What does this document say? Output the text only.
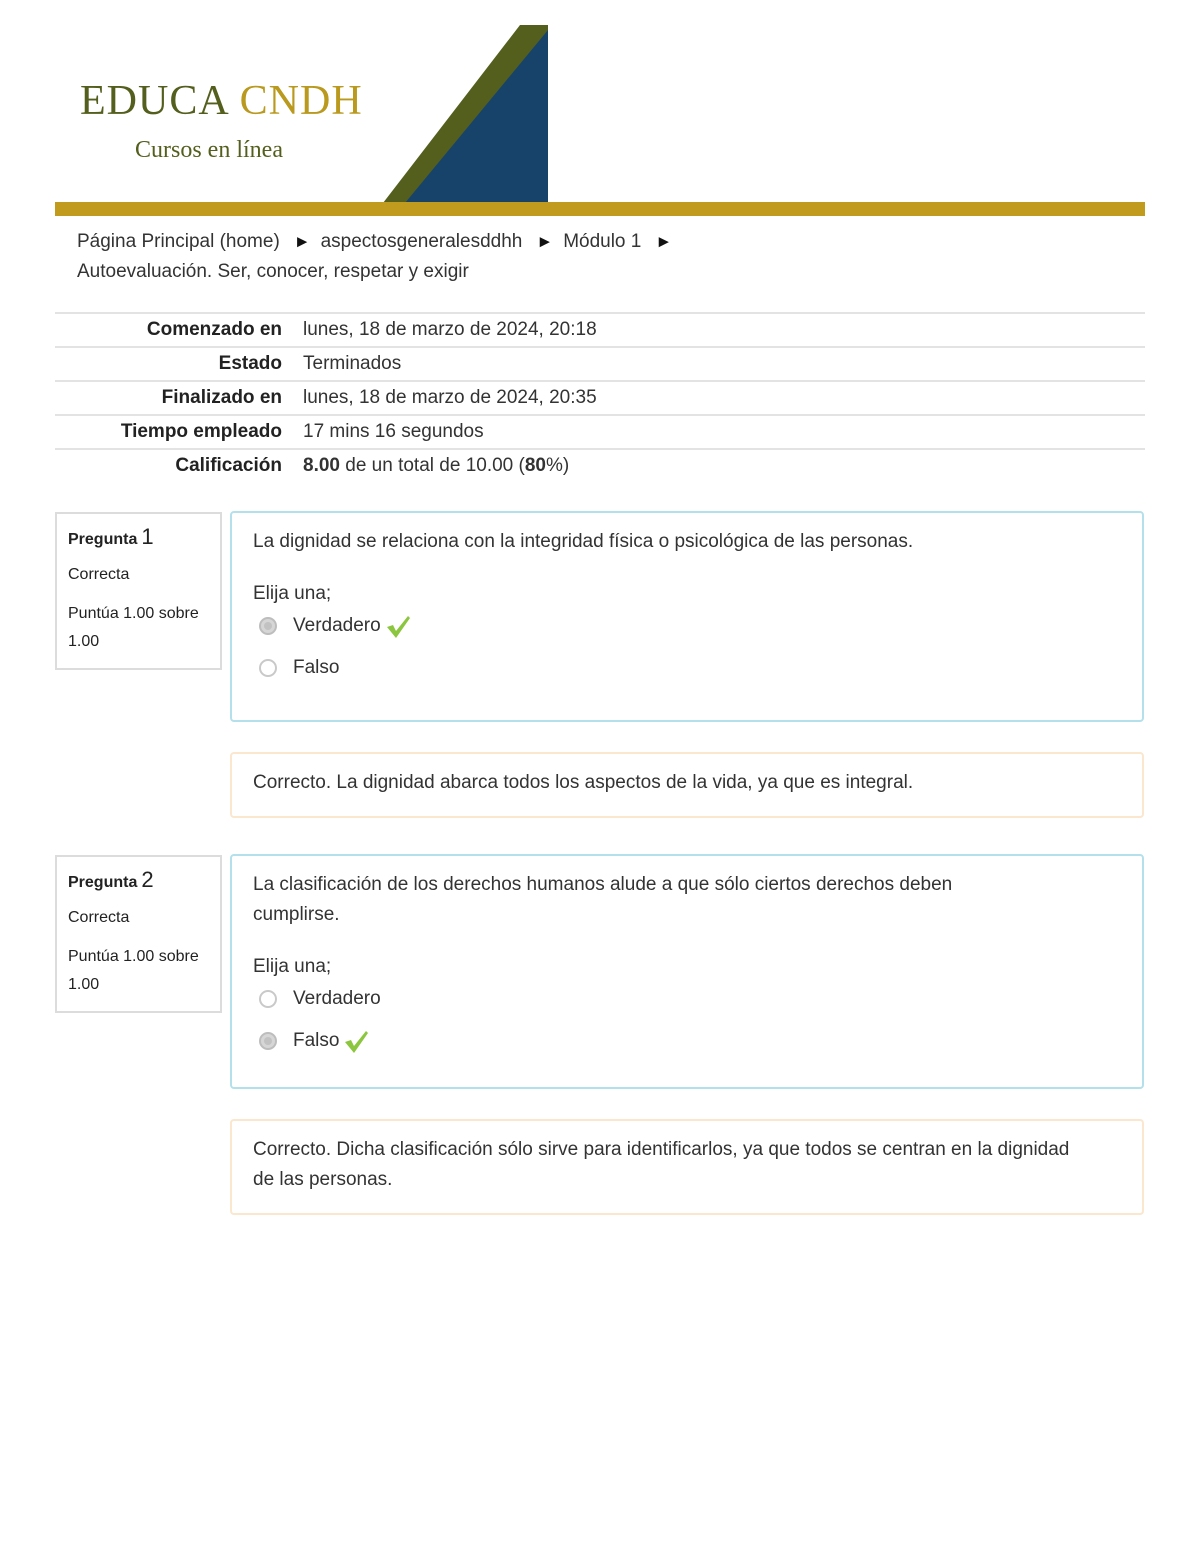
EDUCA CNDH
Cursos en línea
Página Principal (home) ► aspectosgeneralesddhh ► Módulo 1 ►
Autoevaluación. Ser, conocer, respetar y exigir
Comenzado en	lunes, 18 de marzo de 2024, 20:18
Estado	Terminados
Finalizado en	lunes, 18 de marzo de 2024, 20:35
Tiempo empleado	17 mins 16 segundos
Calificación	8.00 de un total de 10.00 (80%)
Pregunta 1
Correcta
Puntúa 1.00 sobre 1.00
La dignidad se relaciona con la integridad física o psicológica de las personas.
Elija una;
Verdadero
Falso
Correcto. La dignidad abarca todos los aspectos de la vida, ya que es integral.
Pregunta 2
Correcta
Puntúa 1.00 sobre 1.00
La clasificación de los derechos humanos alude a que sólo ciertos derechos deben cumplirse.
Elija una;
Verdadero
Falso
Correcto. Dicha clasificación sólo sirve para identificarlos, ya que todos se centran en la dignidad de las personas.
